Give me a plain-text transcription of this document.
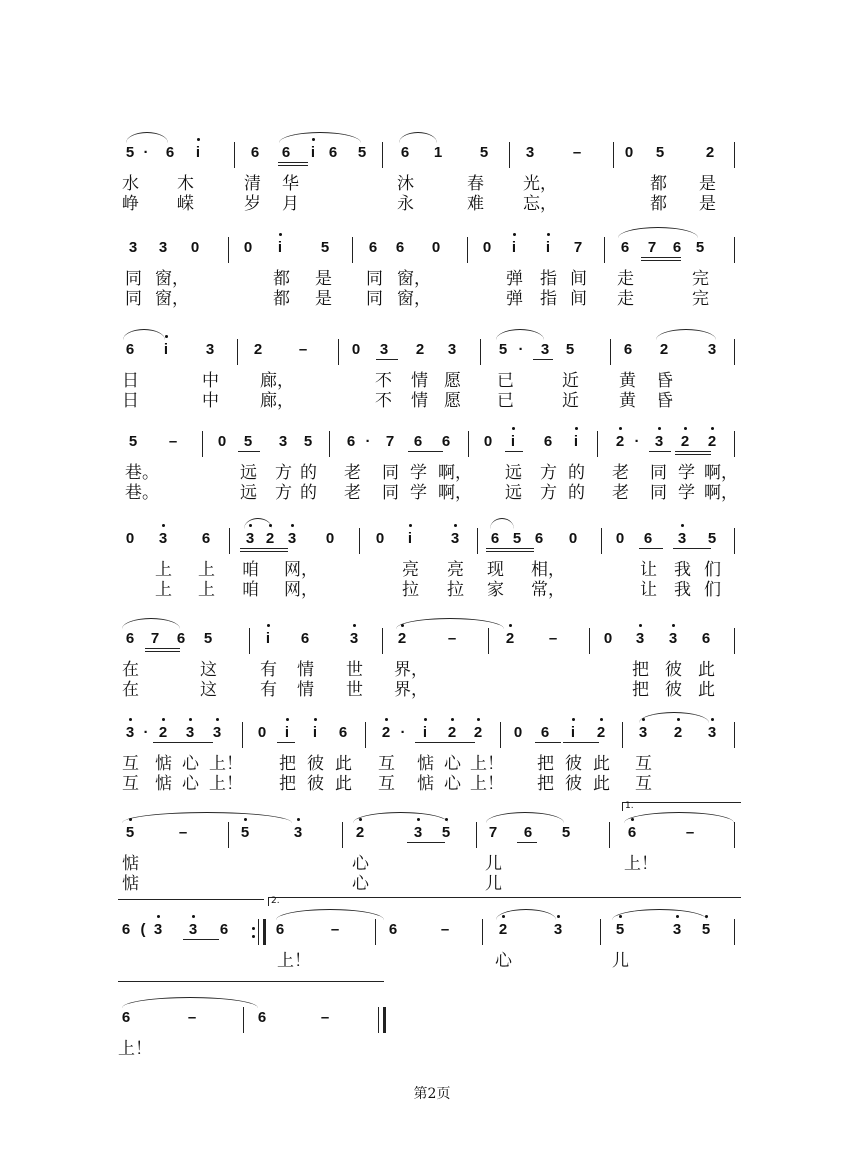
5 ·	6	i	6 6	i 6 5 6 1	5	3	–	0 5	2
水 木	清 华	沐	春 光，	都 是
峥 嵘	岁 月	永	难 忘，	都 是
3 3 0	0	i	5	6 6 0	0	i	i	7	6 7 6 5
同 窗，	都 是 同 窗，	弹 指 间 走	完
同 窗，	都 是 同 窗，	弹 指 间 走	完
6	i	3	2 –	0 3 2 3	5 ·	3 5	6 2	3
日	中 廊，	不 情 愿 已	近 黄 昏
日	中 廊，	不 情 愿 已	近 黄 昏
5 –	0 5 3 5 6 ·	7 6 6 0	i	6	i	2 ·	3 2 2
巷。	远 方 的 老 同 学 啊， 远 方 的 老 同 学 啊，
巷。	远 方 的 老 同 学 啊， 远 方 的 老 同 学 啊，
0 3 6 3 2 3 0	0	i	3 6 5 6 0	0 6 3 5
上 上 咱 网，	亮 亮 现 相，	让 我 们
上 上 咱 网，	拉 拉 家 常，	让 我 们
6 7 6 5	i	6	3	2	–	2 –	0 3 3 6
在	这	有 情 世 界，	把 彼 此
在	这	有 情 世 界，	把 彼 此
3 · 2 3 3 0	i	i	6 2 ·	i	2 2 0 6	i	2 3 2 3
互 惦 心 上！ 把 彼 此 互 惦 心 上！ 把 彼 此 互
互 惦 心 上！ 把 彼 此 互 惦 心 上！ 把 彼 此 互
5	–	5	3	2	3 5	7 6 5	6	–
惦	心	儿	上！
惦	心	儿
6 ( 3 3 6	6	–	6	–	2	3	5	3 5
上！	心	儿
6	–	6	–
上！
1.
2.
第2页
